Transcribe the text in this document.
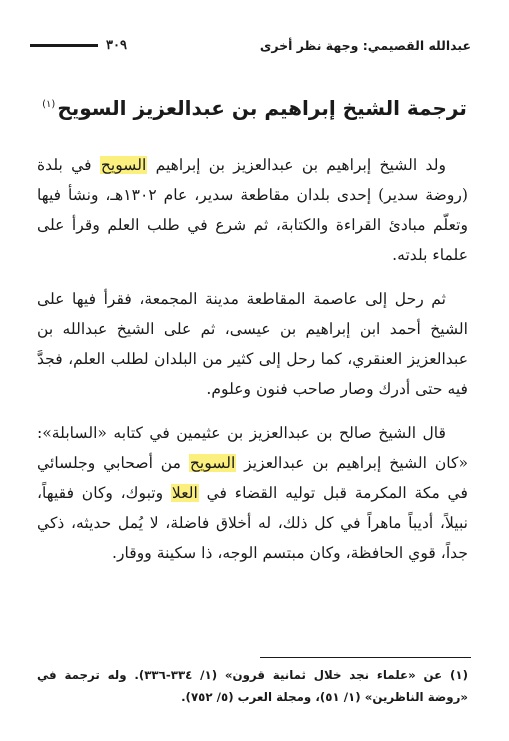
عبدالله القصيمي: وجهة نظر أخرى
٣٠٩
ترجمة الشيخ إبراهيم بن عبدالعزيز السويح$^{(١)}$

ولد الشيخ إبراهيم بن عبدالعزيز بن إبراهيم السويح في بلدة (روضة سدير) إحدى بلدان مقاطعة سدير، عام ١٣٠٢هـ، ونشأ فيها وتعلّم مبادئ القراءة والكتابة، ثم شرع في طلب العلم وقرأ على علماء بلدته.

ثم رحل إلى عاصمة المقاطعة مدينة المجمعة، فقرأ فيها على الشيخ أحمد ابن إبراهيم بن عيسى، ثم على الشيخ عبدالله بن عبدالعزيز العنقري، كما رحل إلى كثير من البلدان لطلب العلم، فجدَّ فيه حتى أدرك وصار صاحب فنون وعلوم.

قال الشيخ صالح بن عبدالعزيز بن عثيمين في كتابه «السابلة»: «كان الشيخ إبراهيم بن عبدالعزيز السويح من أصحابي وجلسائي في مكة المكرمة قبل توليه القضاء في العلا وتبوك، وكان فقيهاً، نبيلاً، أديباً ماهراً في كل ذلك، له أخلاق فاضلة، لا يُمل حديثه، ذكي جداً، قوي الحافظة، وكان مبتسم الوجه، ذا سكينة ووقار.

(١) عن «علماء نجد خلال ثمانية قرون» (١/ ٣٣٤-٣٣٦). وله ترجمة في «روضة الناظرين» (١/ ٥١)، ومجلة العرب (٥/ ٧٥٢).
